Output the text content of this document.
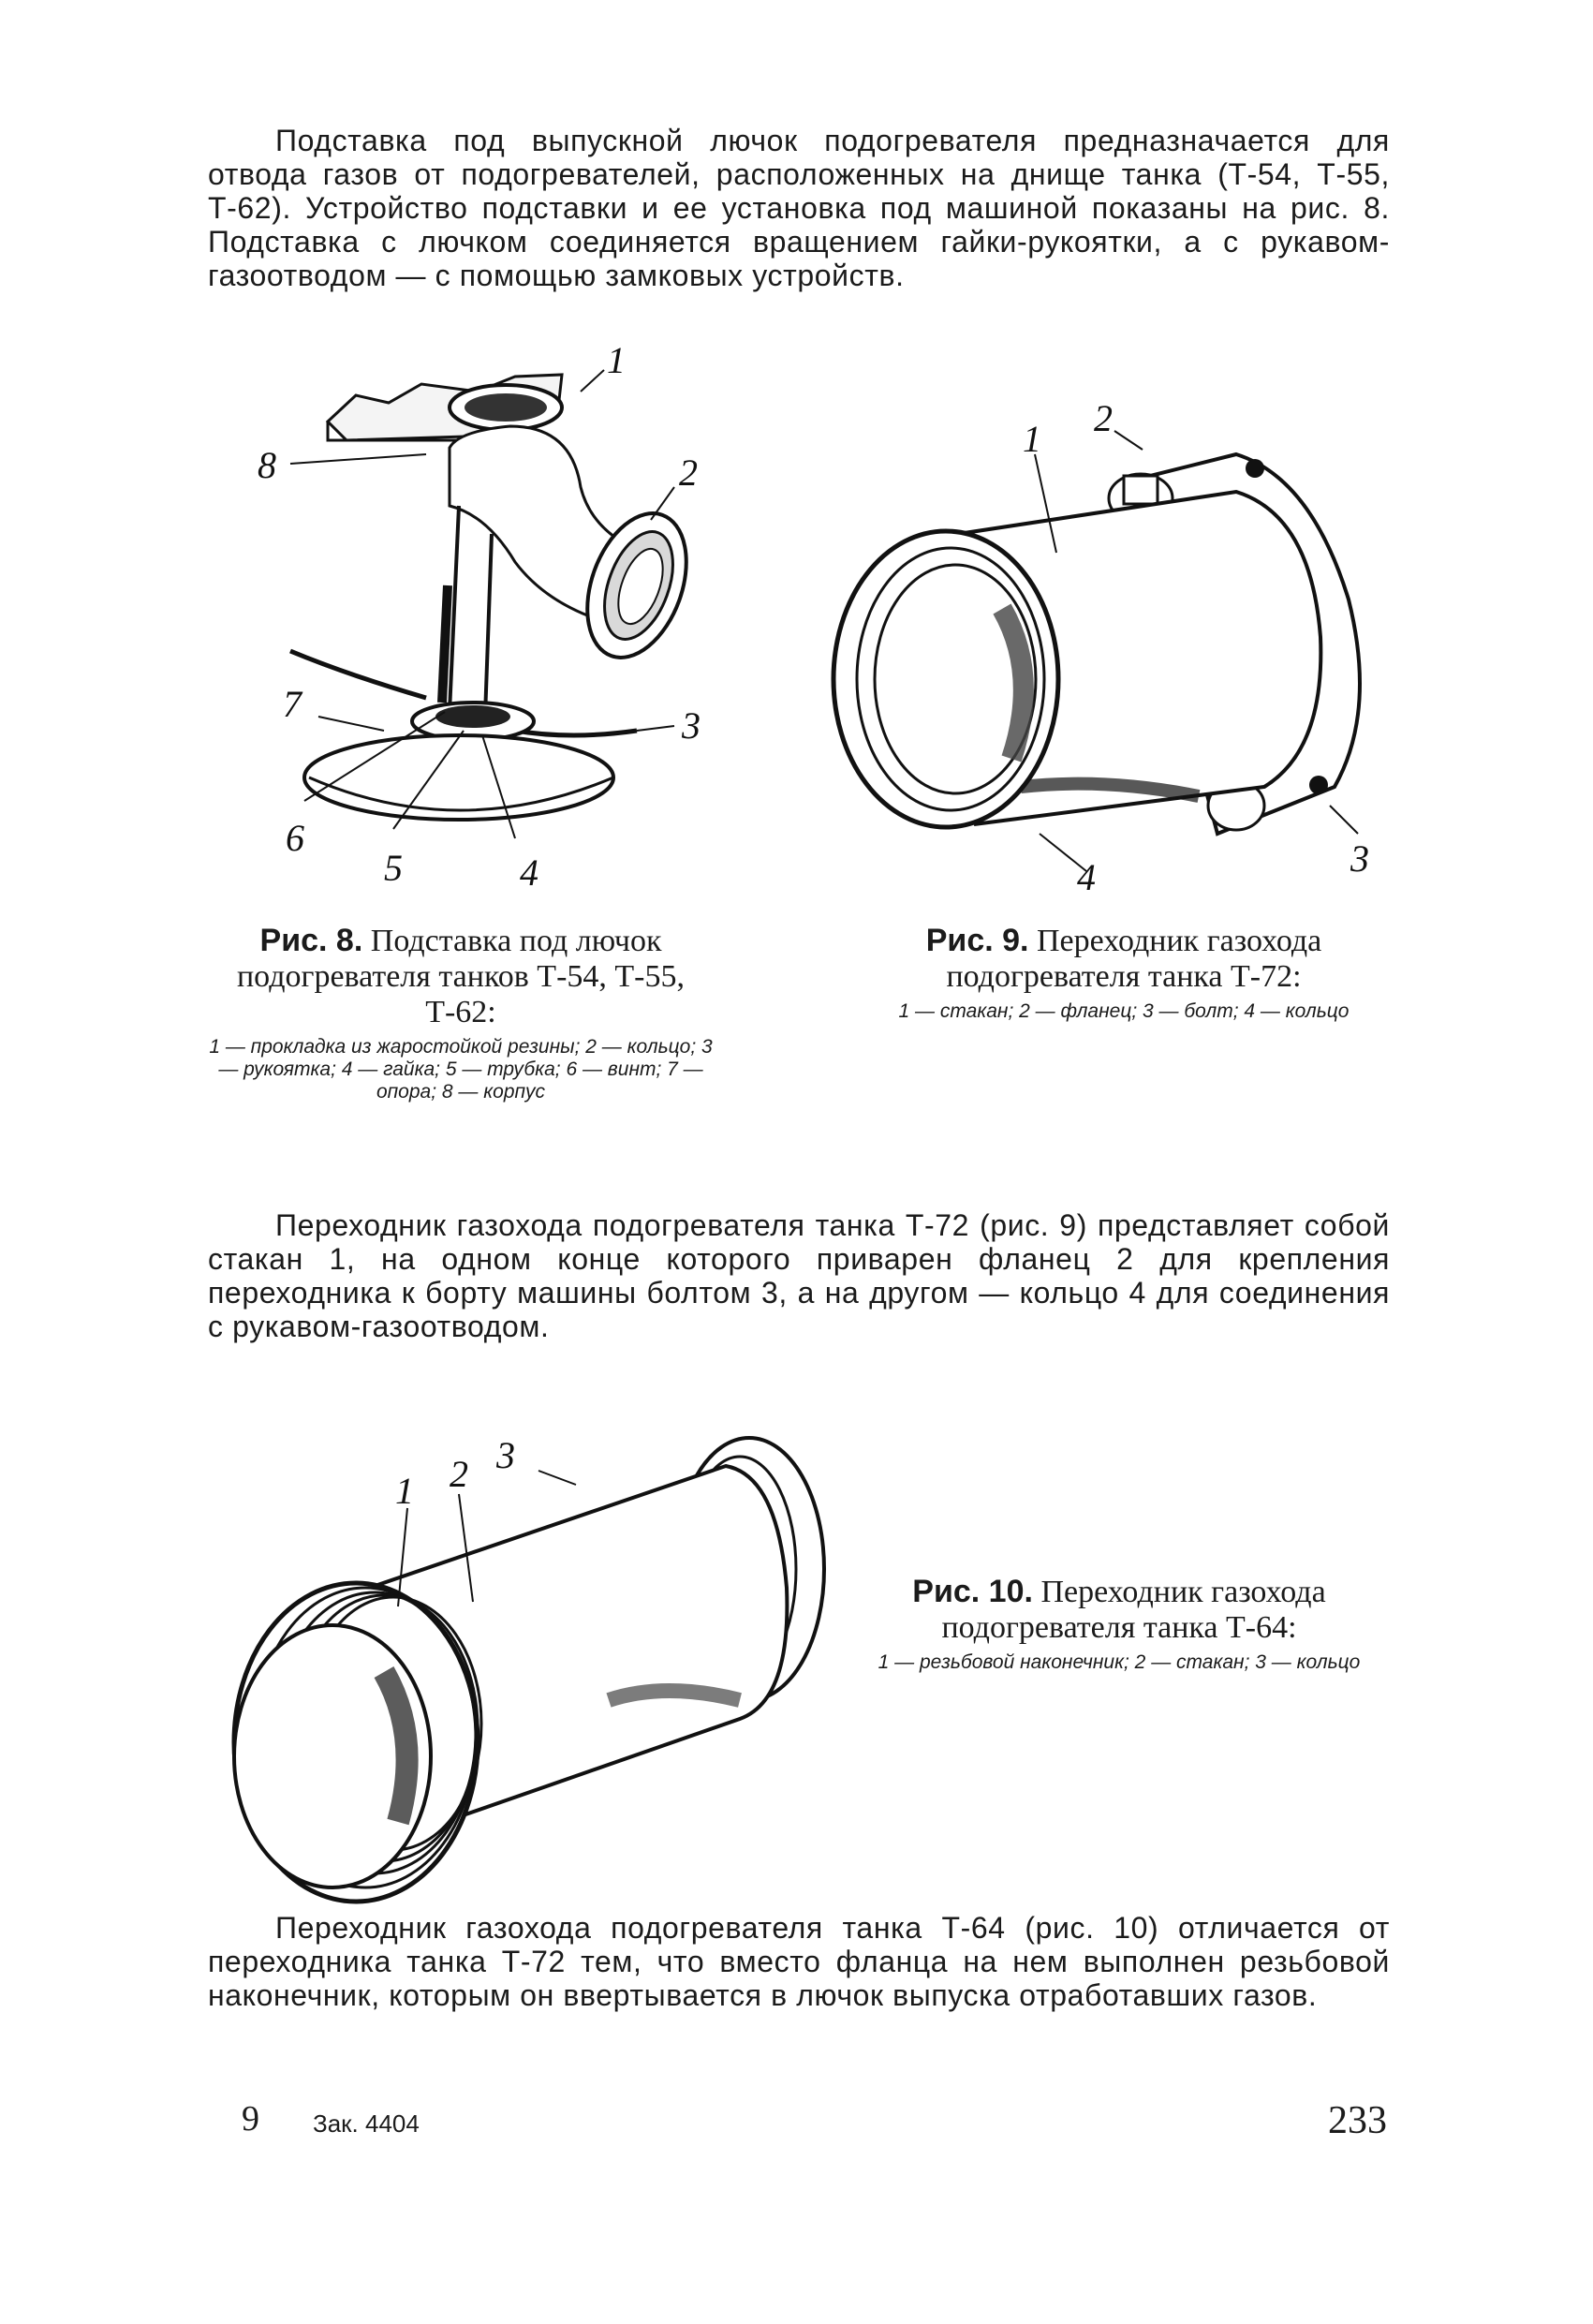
Подставка под выпускной лючок подогревателя предназначается для отвода газов от подогревателей, расположенных на днище танка (Т-54, Т-55, Т-62). Устройство подставки и ее установка под машиной показаны на рис. 8. Подставка с лючком соединяется вращением гайки-рукоятки, а с рукавом-газоотводом — с помощью замковых устройств.

1
2
3
4
5
6
7
8
1 2
3
4
Рис. 8. Подставка под лючок подогревателя танков Т-54, Т-55, Т-62:
1 — прокладка из жаростойкой резины; 2 — кольцо; 3 — рукоятка; 4 — гайка; 5 — трубка; 6 — винт; 7 — опора; 8 — корпус
Рис. 9. Переходник газохода подогревателя танка Т-72:
1 — стакан; 2 — фланец; 3 — болт; 4 — кольцо

Переходник газохода подогревателя танка Т-72 (рис. 9) представляет собой стакан 1, на одном конце которого приварен фланец 2 для крепления переходника к борту машины болтом 3, а на другом — кольцо 4 для соединения с рукавом-газоотводом.

1 2 3
Рис. 10. Переходник газохода подогревателя танка Т-64:
1 — резьбовой наконечник; 2 — стакан; 3 — кольцо

Переходник газохода подогревателя танка Т-64 (рис. 10) отличается от переходника танка Т-72 тем, что вместо фланца на нем выполнен резьбовой наконечник, которым он ввертывается в лючок выпуска отработавших газов.

9 Зак. 4404	233
